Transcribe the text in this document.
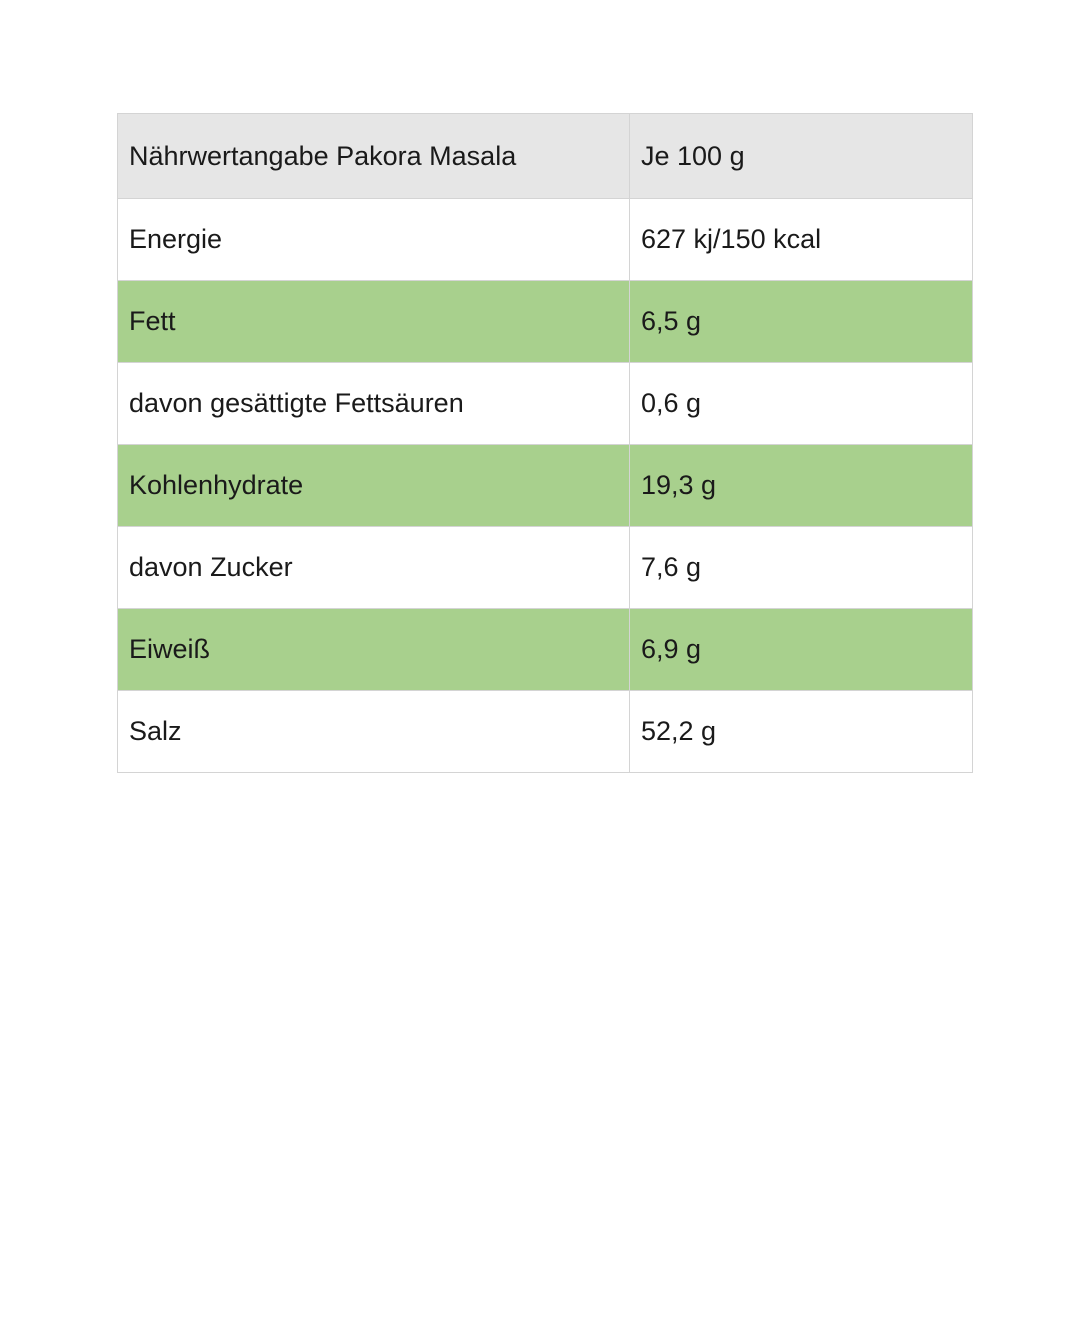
Nährwertangabe Pakora Masala	Je 100 g
Energie	627 kj/150 kcal
Fett	6,5 g
davon gesättigte Fettsäuren	0,6 g
Kohlenhydrate	19,3 g
davon Zucker	7,6 g
Eiweiß	6,9 g
Salz	52,2 g
